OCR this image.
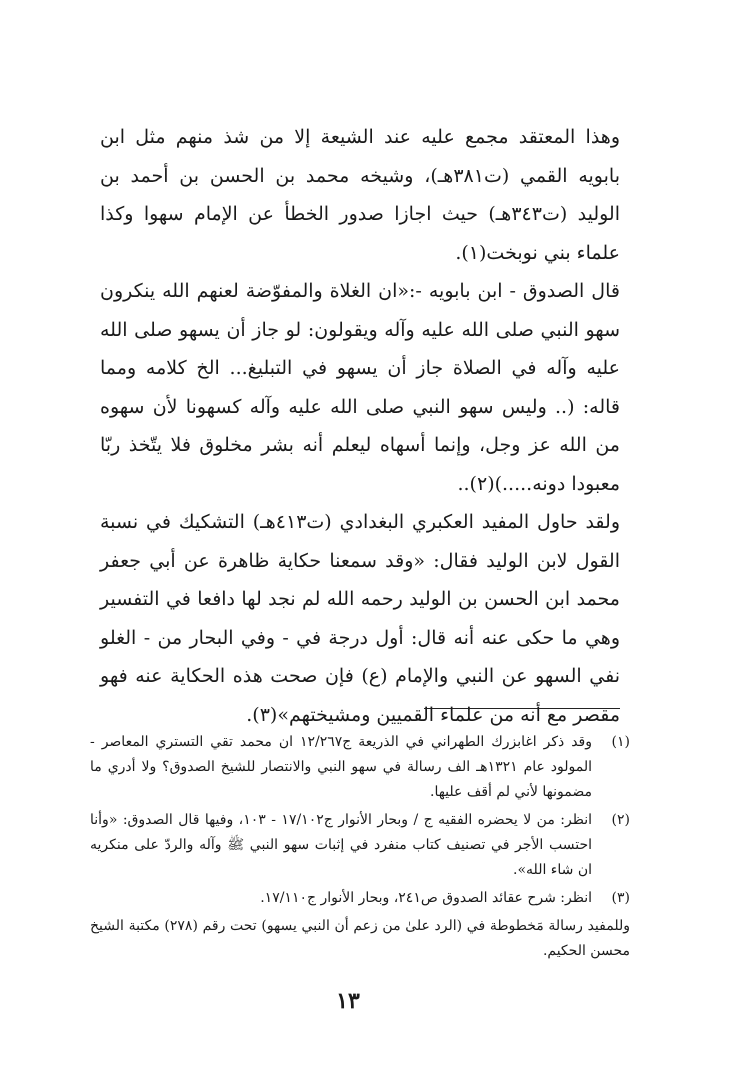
وهذا المعتقد مجمع عليه عند الشيعة إلا من شذ منهم مثل ابن بابويه القمي (ت٣٨١هـ)، وشيخه محمد بن الحسن بن أحمد بن الوليد (ت٣٤٣هـ) حيث اجازا صدور الخطأ عن الإمام سهوا وكذا علماء بني نوبخت(١).

قال الصدوق - ابن بابويه -:«ان الغلاة والمفوّضة لعنهم الله ينكرون سهو النبي صلى الله عليه وآله ويقولون: لو جاز أن يسهو صلى الله عليه وآله في الصلاة جاز أن يسهو في التبليغ... الخ كلامه ومما قاله: (.. وليس سهو النبي صلى الله عليه وآله كسهونا لأن سهوه من الله عز وجل، وإنما أسهاه ليعلم أنه بشر مخلوق فلا يتّخذ ربّا معبودا دونه.....)(٢)..

ولقد حاول المفيد العكبري البغدادي (ت٤١٣هـ) التشكيك في نسبة القول لابن الوليد فقال: «وقد سمعنا حكاية ظاهرة عن أبي جعفر محمد ابن الحسن بن الوليد رحمه الله لم نجد لها دافعا في التفسير وهي ما حكى عنه أنه قال: أول درجة في - وفي البحار من - الغلو نفي السهو عن النبي والإمام (ع) فإن صحت هذه الحكاية عنه فهو مقصر مع أنه من علماء القميين ومشيختهم»(٣).

(١)
وقد ذكر اغابزرك الطهراني في الذريعة ج١٢/٢٦٧ ان محمد تقي التستري المعاصر - المولود عام ١٣٢١هـ الف رسالة في سهو النبي والانتصار للشيخ الصدوق؟ ولا أدري ما مضمونها لأني لم أقف عليها.
(٢)
انظر: من لا يحضره الفقيه ج / وبحار الأنوار ج١٧/١٠٢ - ١٠٣، وفيها قال الصدوق: «وأنا احتسب الأجر في تصنيف كتاب منفرد في إثبات سهو النبي ﷺ وآله والردّ على منكريه ان شاء الله».
(٣)
انظر: شرح عقائد الصدوق ص٢٤١، وبحار الأنوار ج١٧/١١٠.
وللمفيد رسالة مَخطوطة في (الرد علىٰ من زعم أن النبي يسهو) تحت رقم (٢٧٨) مكتبة الشيخ محسن الحكيم.
١٣
